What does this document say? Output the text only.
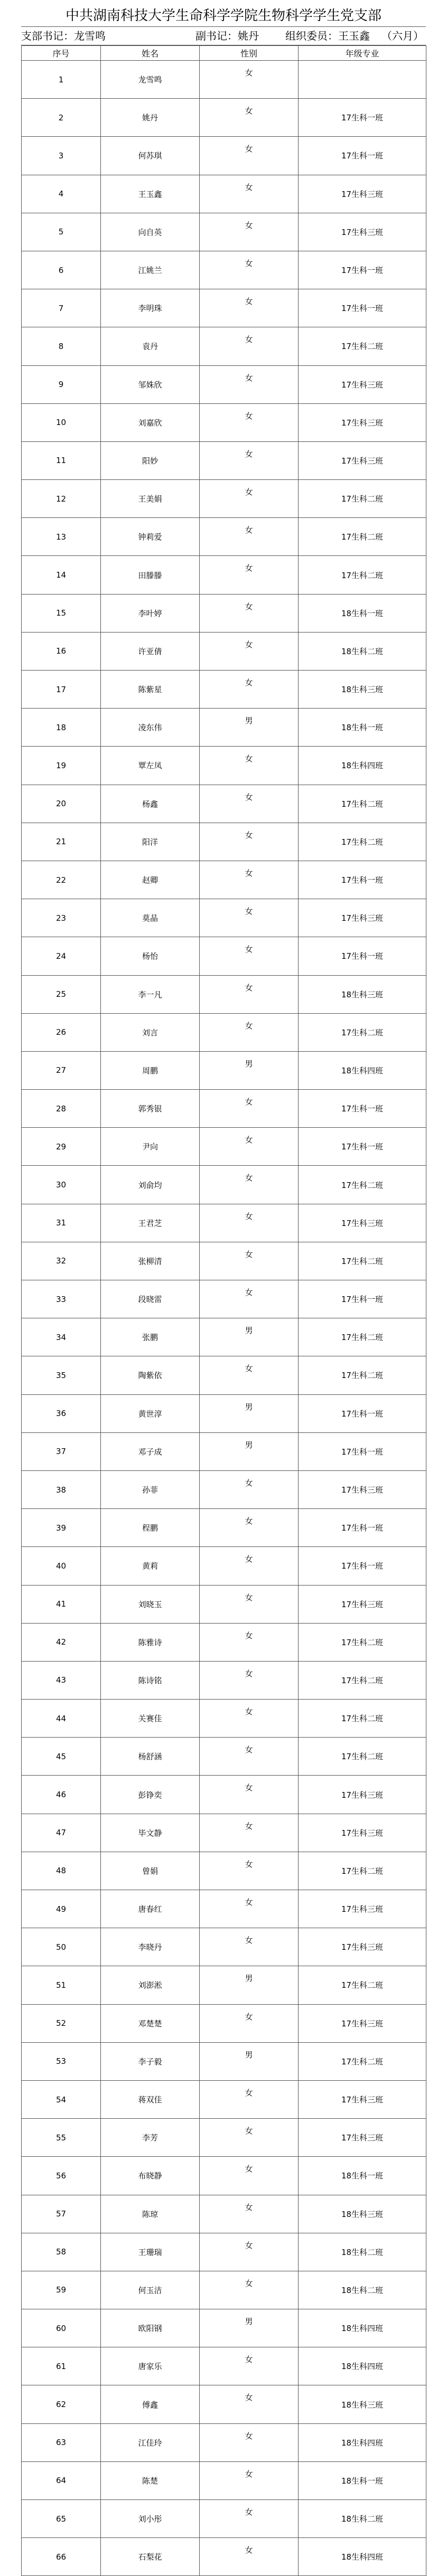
中共湖南科技大学生命科学学院生物科学学生党支部
支部书记：龙雪鸣	副书记：姚丹	组织委员：王玉鑫 （六月）
序号	姓名	性别	年级专业
1	龙雪鸣	女	
2	姚丹	女	17生科一班
3	何苏琪	女	17生科一班
4	王玉鑫	女	17生科三班
5	向自英	女	17生科三班
6	江姚兰	女	17生科一班
7	李明珠	女	17生科一班
8	袁丹	女	17生科二班
9	邹姝欣	女	17生科三班
10	刘嘉欣	女	17生科三班
11	阳妙	女	17生科三班
12	王美娟	女	17生科二班
13	钟莉爱	女	17生科二班
14	田滕滕	女	17生科二班
15	李叶婷	女	18生科一班
16	许亚倩	女	18生科二班
17	陈紫星	女	18生科三班
18	凌东伟	男	18生科一班
19	覃左凤	女	18生科四班
20	杨鑫	女	17生科二班
21	阳洋	女	17生科二班
22	赵卿	女	17生科一班
23	莫晶	女	17生科三班
24	杨怡	女	17生科一班
25	李一凡	女	18生科三班
26	刘言	女	17生科二班
27	周鹏	男	18生科四班
28	郭秀银	女	17生科一班
29	尹向	女	17生科一班
30	刘俞均	女	17生科二班
31	王君芝	女	17生科三班
32	张柳清	女	17生科二班
33	段晓雷	女	17生科一班
34	张鹏	男	17生科二班
35	陶紫依	女	17生科二班
36	黄世淳	男	17生科一班
37	邓子成	男	17生科一班
38	孙菲	女	17生科三班
39	程鹏	女	17生科一班
40	黄莉	女	17生科一班
41	刘晓玉	女	17生科三班
42	陈雅诗	女	17生科二班
43	陈诗铭	女	17生科二班
44	关赛佳	女	17生科二班
45	杨舒涵	女	17生科二班
46	彭铮奕	女	17生科三班
47	毕文静	女	17生科三班
48	曾娟	女	17生科二班
49	唐春红	女	17生科三班
50	李晓丹	女	17生科三班
51	刘澎淞	男	17生科二班
52	邓楚楚	女	17生科三班
53	李子毅	男	17生科二班
54	蒋双佳	女	17生科三班
55	李芳	女	17生科三班
56	布晓静	女	18生科一班
57	陈琼	女	18生科三班
58	王珊瑞	女	18生科二班
59	何玉洁	女	18生科二班
60	欧阳钢	男	18生科四班
61	唐家乐	女	18生科四班
62	傅鑫	女	18生科三班
63	江佳玲	女	18生科四班
64	陈楚	女	18生科一班
65	刘小彤	女	18生科二班
66	石梨花	女	18生科四班
